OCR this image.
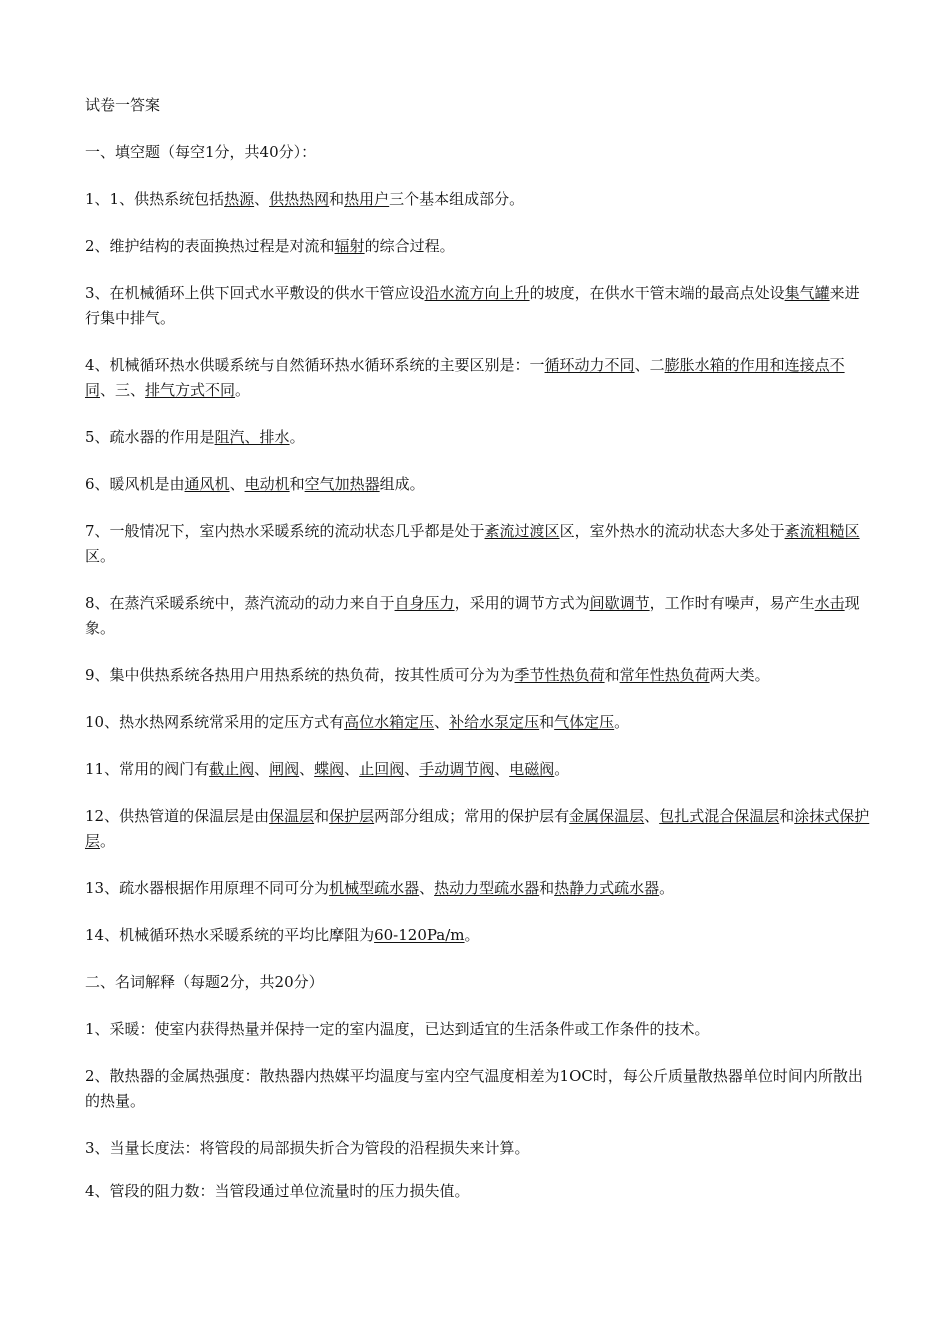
试卷一答案

一、填空题（每空1分，共40分）：

1、1、供热系统包括热源、供热热网和热用户三个基本组成部分。

2、维护结构的表面换热过程是对流和辐射的综合过程。

3、在机械循环上供下回式水平敷设的供水干管应设沿水流方向上升的坡度，在供水干管末端的最高点处设集气罐来进行集中排气。

4、机械循环热水供暖系统与自然循环热水循环系统的主要区别是：一循环动力不同、二膨胀水箱的作用和连接点不同、三、排气方式不同。

5、疏水器的作用是阻汽、排水。

6、暖风机是由通风机、电动机和空气加热器组成。

7、一般情况下，室内热水采暖系统的流动状态几乎都是处于紊流过渡区区，室外热水的流动状态大多处于紊流粗糙区区。

8、在蒸汽采暖系统中，蒸汽流动的动力来自于自身压力，采用的调节方式为间歇调节，工作时有噪声，易产生水击现象。

9、集中供热系统各热用户用热系统的热负荷，按其性质可分为为季节性热负荷和常年性热负荷两大类。

10、热水热网系统常采用的定压方式有高位水箱定压、补给水泵定压和气体定压。

11、常用的阀门有截止阀、闸阀、蝶阀、止回阀、手动调节阀、电磁阀。

12、供热管道的保温层是由保温层和保护层两部分组成；常用的保护层有金属保温层、包扎式混合保温层和涂抹式保护层。

13、疏水器根据作用原理不同可分为机械型疏水器、热动力型疏水器和热静力式疏水器。

14、机械循环热水采暖系统的平均比摩阻为60-120Pa/m。

二、名词解释（每题2分，共20分）

1、采暖：使室内获得热量并保持一定的室内温度，已达到适宜的生活条件或工作条件的技术。

2、散热器的金属热强度：散热器内热媒平均温度与室内空气温度相差为1OC时，每公斤质量散热器单位时间内所散出的热量。

3、当量长度法：将管段的局部损失折合为管段的沿程损失来计算。

4、管段的阻力数：当管段通过单位流量时的压力损失值。
